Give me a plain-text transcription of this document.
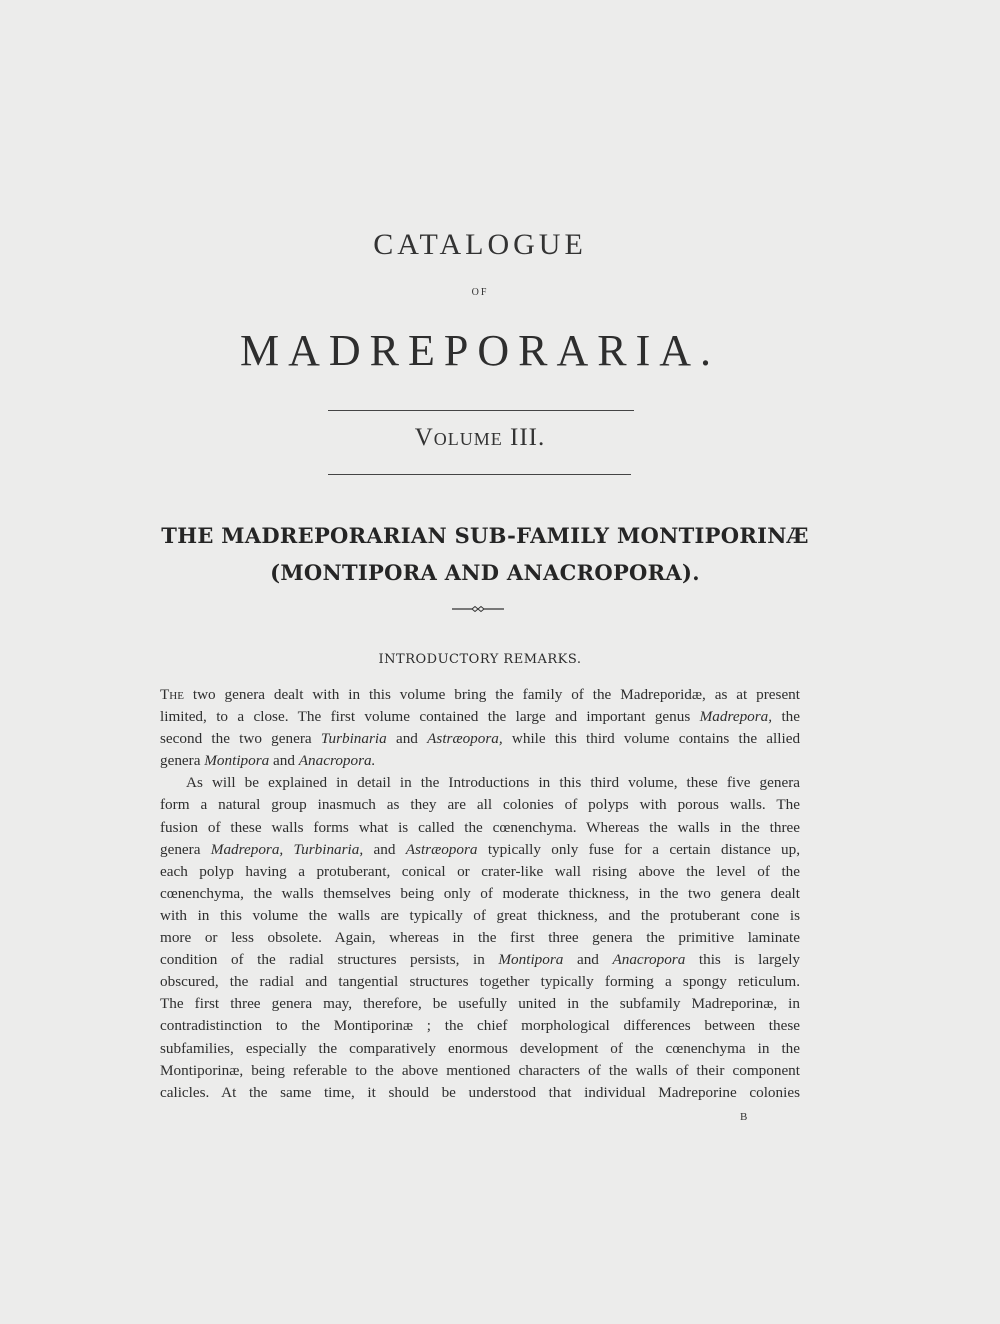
CATALOGUE
OF
MADREPORARIA.
Volume III.
THE MADREPORARIAN SUB-FAMILY MONTIPORINÆ
(MONTIPORA AND ANACROPORA).
INTRODUCTORY REMARKS.

The two genera dealt with in this volume bring the family of the Madreporidæ, as at present
limited, to a close. The first volume contained the large and important genus Madrepora, the
second the two genera Turbinaria and Astræopora, while this third volume contains the allied
genera Montipora and Anacropora.

As will be explained in detail in the Introductions in this third volume, these five genera
form a natural group inasmuch as they are all colonies of polyps with porous walls. The
fusion of these walls forms what is called the cœnenchyma. Whereas the walls in the three
genera Madrepora, Turbinaria, and Astræopora typically only fuse for a certain distance up,
each polyp having a protuberant, conical or crater-like wall rising above the level of the
cœnenchyma, the walls themselves being only of moderate thickness, in the two genera dealt
with in this volume the walls are typically of great thickness, and the protuberant cone is
more or less obsolete. Again, whereas in the first three genera the primitive laminate
condition of the radial structures persists, in Montipora and Anacropora this is largely
obscured, the radial and tangential structures together typically forming a spongy reticulum.
The first three genera may, therefore, be usefully united in the subfamily Madreporinæ, in
contradistinction to the Montiporinæ ; the chief morphological differences between these
subfamilies, especially the comparatively enormous development of the cœnenchyma in the
Montiporinæ, being referable to the above mentioned characters of the walls of their component
calicles. At the same time, it should be understood that individual Madreporine colonies

B
